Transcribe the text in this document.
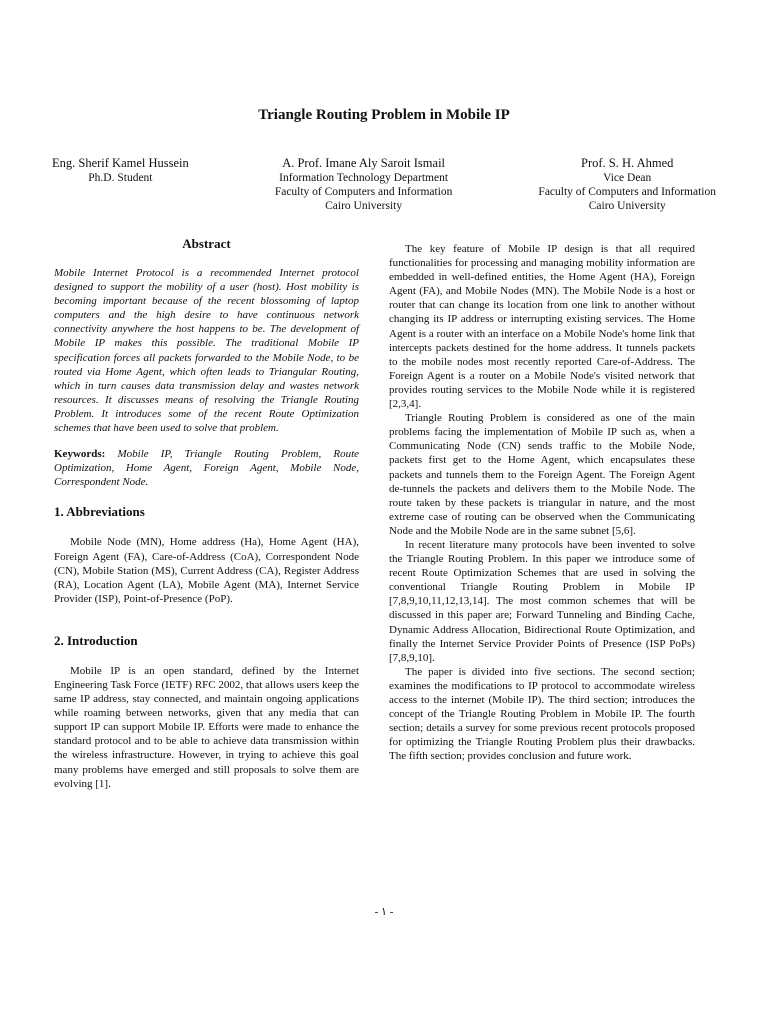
Triangle Routing Problem in Mobile IP
Eng. Sherif Kamel Hussein
Ph.D. Student
A. Prof. Imane Aly Saroit Ismail
Information Technology Department
Faculty of Computers and Information
Cairo University
Prof. S. H. Ahmed
Vice Dean
Faculty of Computers and Information
Cairo University
Abstract

Mobile Internet Protocol is a recommended Internet protocol designed to support the mobility of a user (host). Host mobility is becoming important because of the recent blossoming of laptop computers and the high desire to have continuous network connectivity anywhere the host happens to be. The development of Mobile IP makes this possible. The traditional Mobile IP specification forces all packets forwarded to the Mobile Node, to be routed via Home Agent, which often leads to Triangular Routing, which in turn causes data transmission delay and wastes network resources. It discusses means of resolving the Triangle Routing Problem. It introduces some of the recent Route Optimization schemes that have been used to solve that problem.

Keywords: Mobile IP, Triangle Routing Problem, Route Optimization, Home Agent, Foreign Agent, Mobile Node, Correspondent Node.

1. Abbreviations

Mobile Node (MN), Home address (Ha), Home Agent (HA), Foreign Agent (FA), Care-of-Address (CoA), Correspondent Node (CN), Mobile Station (MS), Current Address (CA), Register Address (RA), Location Agent (LA), Mobile Agent (MA), Internet Service Provider (ISP), Point-of-Presence (PoP).

2. Introduction

Mobile IP is an open standard, defined by the Internet Engineering Task Force (IETF) RFC 2002, that allows users keep the same IP address, stay connected, and maintain ongoing applications while roaming between networks, given that any media that can support IP can support Mobile IP. Efforts were made to enhance the standard protocol and to be able to achieve data transmission within the wireless infrastructure. However, in trying to achieve this goal many problems have emerged and still proposals to solve them are evolving [1].

The key feature of Mobile IP design is that all required functionalities for processing and managing mobility information are embedded in well-defined entities, the Home Agent (HA), Foreign Agent (FA), and Mobile Nodes (MN). The Mobile Node is a host or router that can change its location from one link to another without changing its IP address or interrupting existing services. The Home Agent is a router with an interface on a Mobile Node's home link that intercepts packets destined for the home address. It tunnels packets to the mobile nodes most recently reported Care-of-Address. The Foreign Agent is a router on a Mobile Node's visited network that provides routing services to the Mobile Node while it is registered [2,3,4].

Triangle Routing Problem is considered as one of the main problems facing the implementation of Mobile IP such as, when a Communicating Node (CN) sends traffic to the Mobile Node, packets first get to the Home Agent, which encapsulates these packets and tunnels them to the Foreign Agent. The Foreign Agent de-tunnels the packets and delivers them to the Mobile Node. The route taken by these packets is triangular in nature, and the most extreme case of routing can be observed when the Communicating Node and the Mobile Node are in the same subnet [5,6].

In recent literature many protocols have been invented to solve the Triangle Routing Problem. In this paper we introduce some of recent Route Optimization Schemes that are used in solving the conventional Triangle Routing Problem in Mobile IP [7,8,9,10,11,12,13,14]. The most common schemes that will be discussed in this paper are; Forward Tunneling and Binding Cache, Dynamic Address Allocation, Bidirectional Route Optimization, and finally the Internet Service Provider Points of Presence (ISP PoPs) [7,8,9,10].

The paper is divided into five sections. The second section; examines the modifications to IP protocol to accommodate wireless access to the internet (Mobile IP). The third section; introduces the concept of the Triangle Routing Problem in Mobile IP. The fourth section; details a survey for some previous recent protocols proposed for optimizing the Triangle Routing Problem plus their drawbacks. The fifth section; provides conclusion and future work.

- ١ -
